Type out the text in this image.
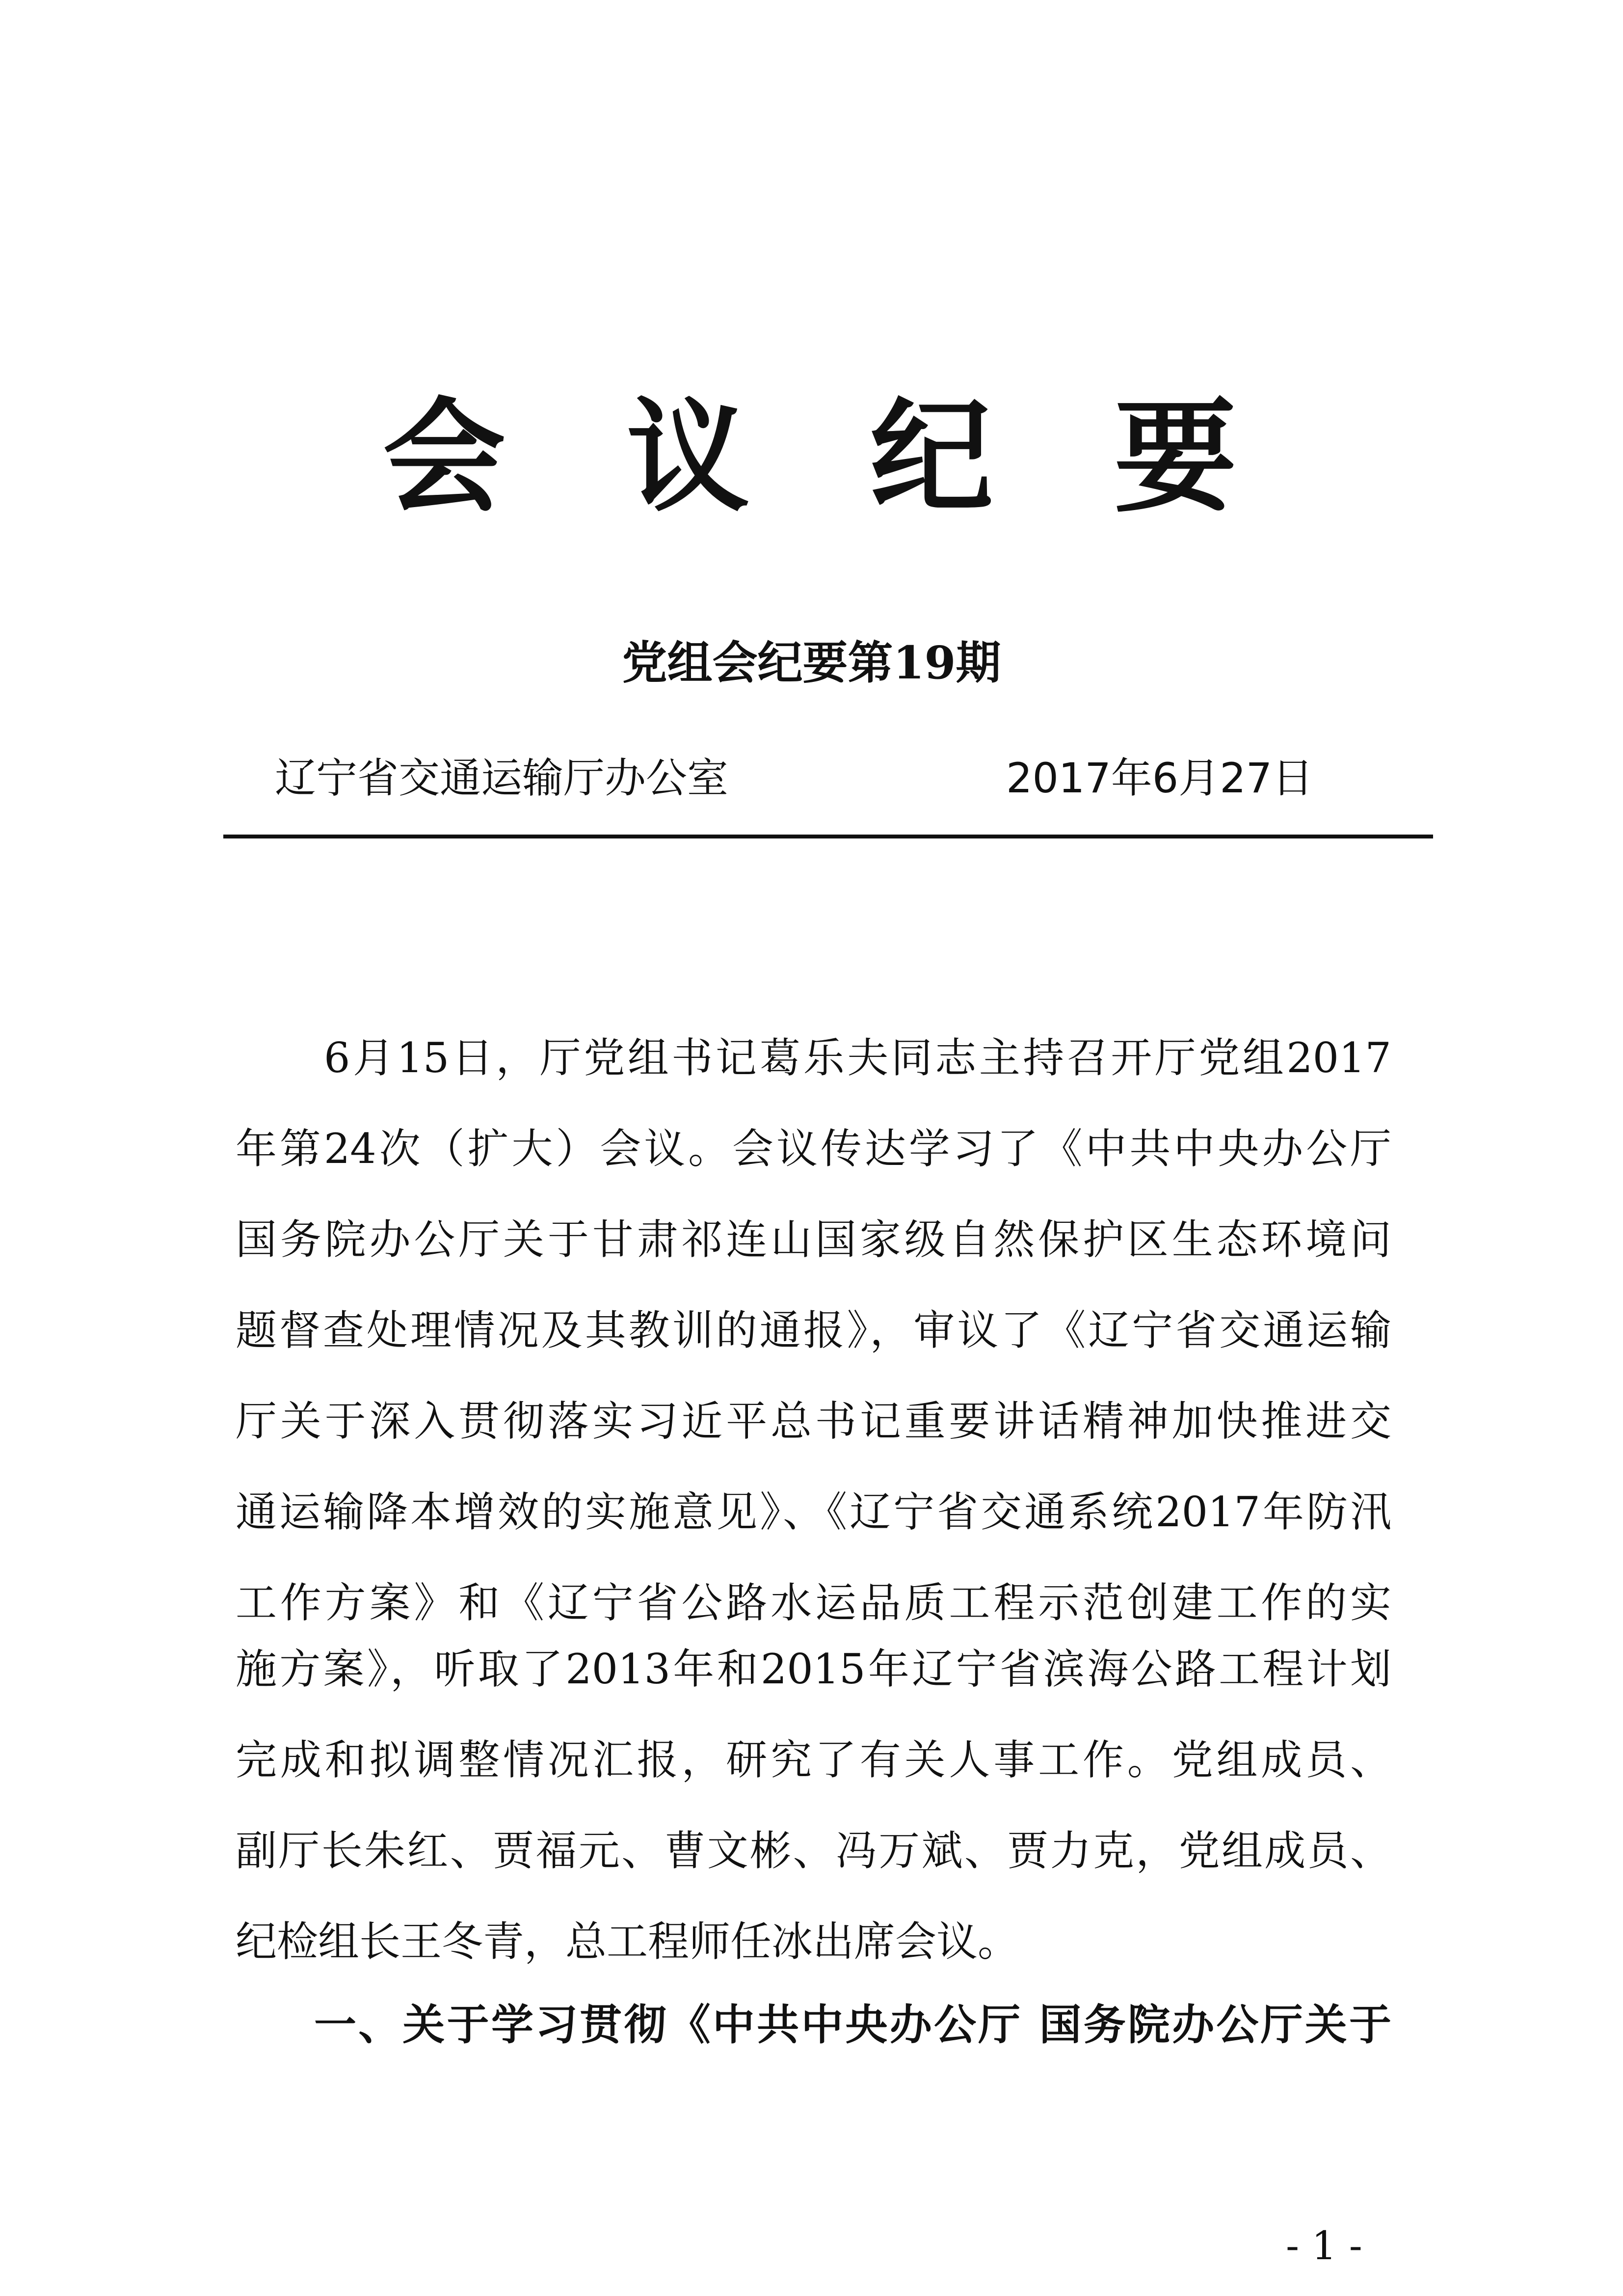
会议纪要
党组会纪要第19期
辽宁省交通运输厅办公室	2017年6月27日
6月15日，厅党组书记葛乐夫同志主持召开厅党组2017
年第24次（扩大）会议。会议传达学习了《中共中央办公厅
国务院办公厅关于甘肃祁连山国家级自然保护区生态环境问
题督查处理情况及其教训的通报》，审议了《辽宁省交通运输
厅关于深入贯彻落实习近平总书记重要讲话精神加快推进交
通运输降本增效的实施意见》、《辽宁省交通系统2017年防汛
工作方案》和《辽宁省公路水运品质工程示范创建工作的实
施方案》，听取了2013年和2015年辽宁省滨海公路工程计划
完成和拟调整情况汇报，研究了有关人事工作。党组成员、
副厅长朱红、贾福元、曹文彬、冯万斌、贾力克，党组成员、
纪检组长王冬青，总工程师任冰出席会议。
一、关于学习贯彻《中共中央办公厅 国务院办公厅关于
- 1 -
